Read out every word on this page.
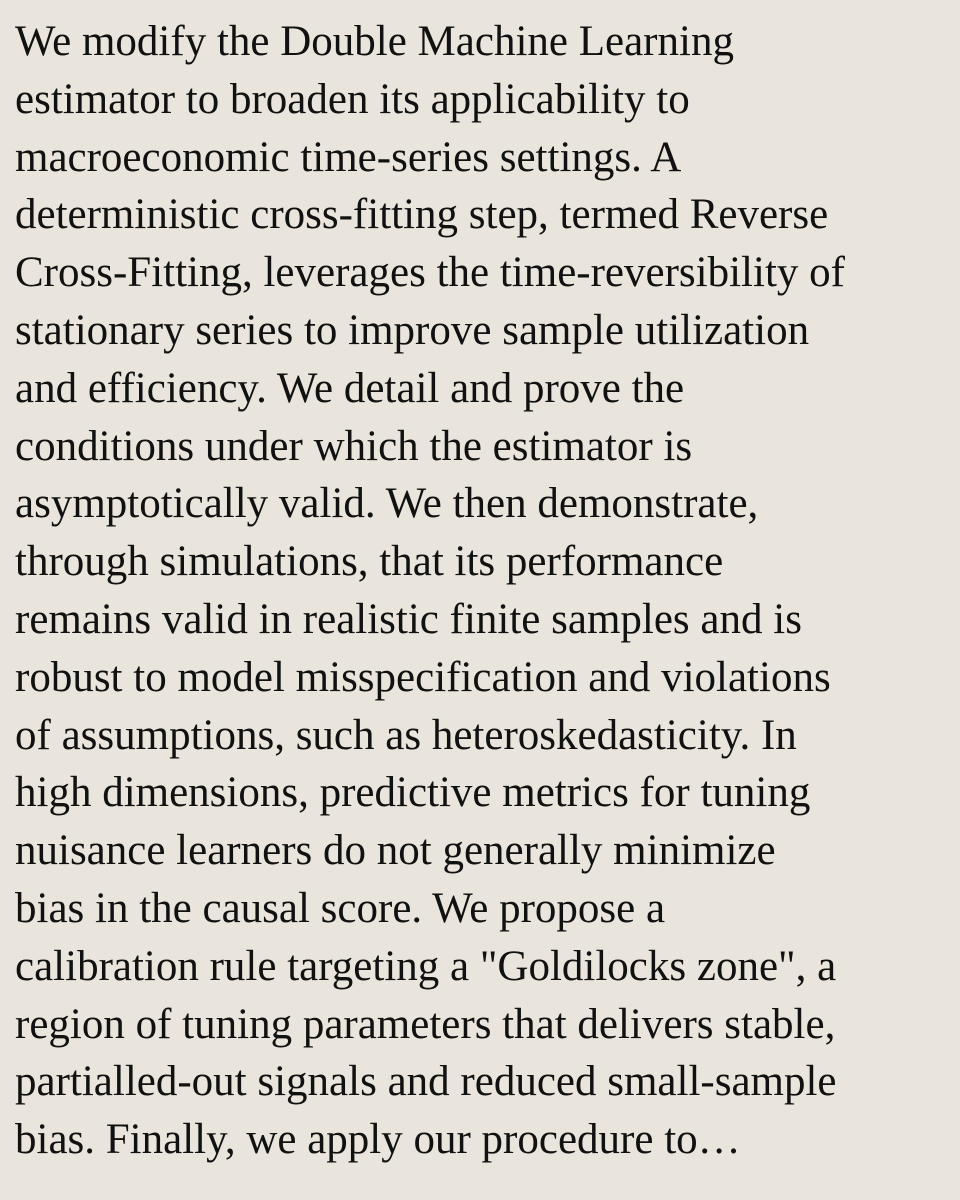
We modify the Double Machine Learning
estimator to broaden its applicability to
macroeconomic time-series settings. A
deterministic cross-fitting step, termed Reverse
Cross-Fitting, leverages the time-reversibility of
stationary series to improve sample utilization
and efficiency. We detail and prove the
conditions under which the estimator is
asymptotically valid. We then demonstrate,
through simulations, that its performance
remains valid in realistic finite samples and is
robust to model misspecification and violations
of assumptions, such as heteroskedasticity. In
high dimensions, predictive metrics for tuning
nuisance learners do not generally minimize
bias in the causal score. We propose a
calibration rule targeting a "Goldilocks zone", a
region of tuning parameters that delivers stable,
partialled-out signals and reduced small-sample
bias. Finally, we apply our procedure to…
